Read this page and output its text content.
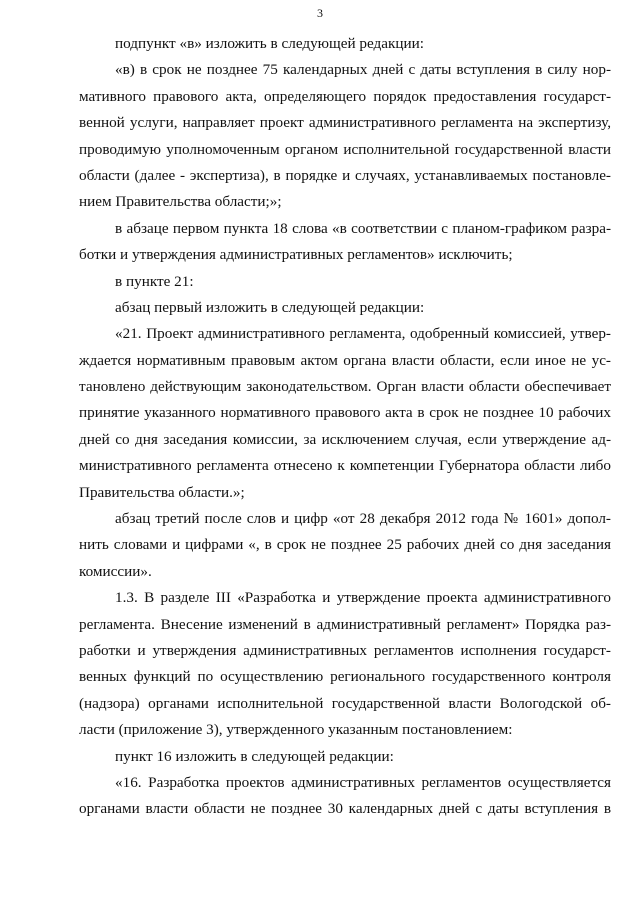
3
подпункт «в» изложить в следующей редакции:
«в) в срок не позднее 75 календарных дней с даты вступления в силу нор-
мативного правового акта, определяющего порядок предоставления государст-
венной услуги, направляет проект административного регламента на экспертизу,
проводимую уполномоченным органом исполнительной государственной власти
области (далее - экспертиза), в порядке и случаях, устанавливаемых постановле-
нием Правительства области;»;
в абзаце первом пункта 18 слова «в соответствии с планом-графиком разра-
ботки и утверждения административных регламентов» исключить;
в пункте 21:
абзац первый изложить в следующей редакции:
«21. Проект административного регламента, одобренный комиссией, утвер-
ждается нормативным правовым актом органа власти области, если иное не ус-
тановлено действующим законодательством. Орган власти области обеспечивает
принятие указанного нормативного правового акта в срок не позднее 10 рабочих
дней со дня заседания комиссии, за исключением случая, если утверждение ад-
министративного регламента отнесено к компетенции Губернатора области либо
Правительства области.»;
абзац третий после слов и цифр «от 28 декабря 2012 года № 1601» допол-
нить словами и цифрами «, в срок не позднее 25 рабочих дней со дня заседания
комиссии».
1.3. В разделе III «Разработка и утверждение проекта административного
регламента. Внесение изменений в административный регламент» Порядка раз-
работки и утверждения административных регламентов исполнения государст-
венных функций по осуществлению регионального государственного контроля
(надзора) органами исполнительной государственной власти Вологодской об-
ласти (приложение 3), утвержденного указанным постановлением:
пункт 16 изложить в следующей редакции:
«16. Разработка проектов административных регламентов осуществляется
органами власти области не позднее 30 календарных дней с даты вступления в
